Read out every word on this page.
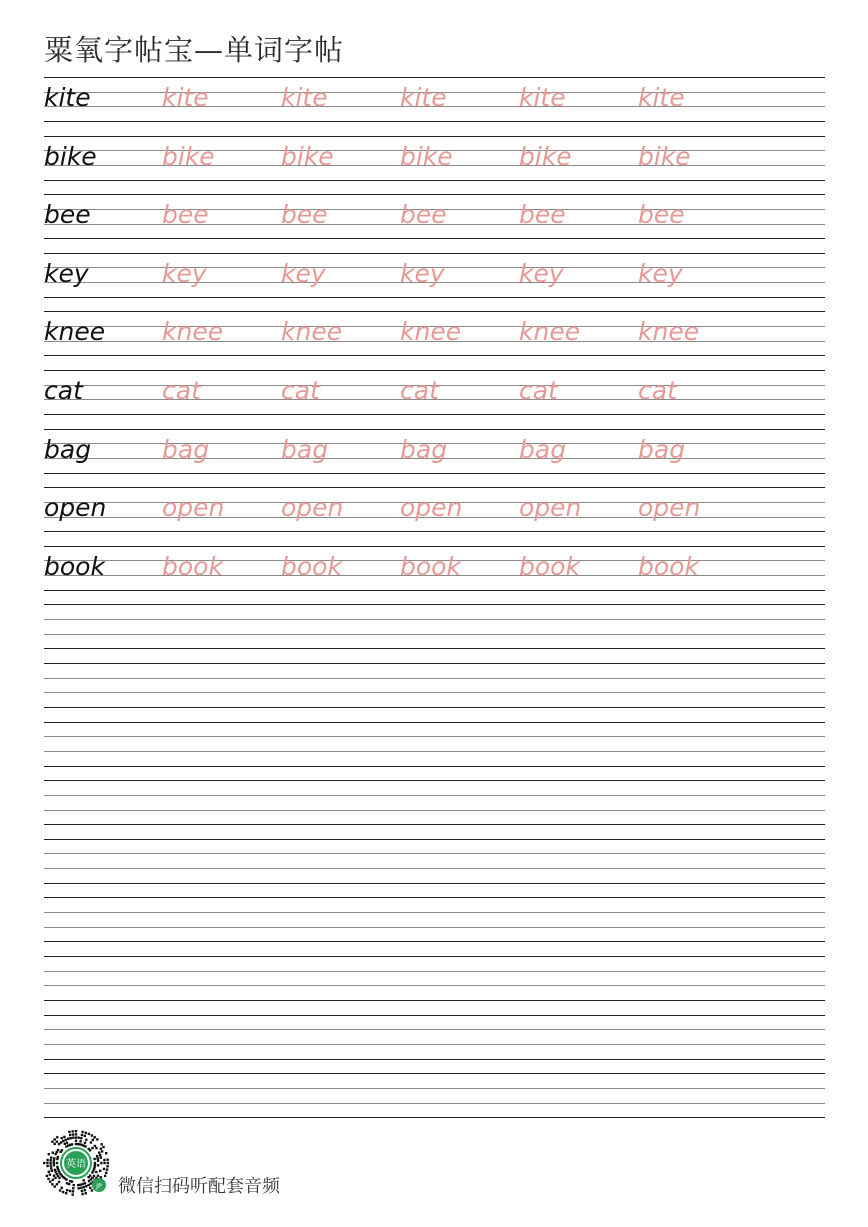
粟氧字帖宝—单词字帖
kite	kite	kite	kite	kite	kite
bike	bike	bike	bike	bike	bike
bee	bee	bee	bee	bee	bee
key	key	key	key	key	key
knee knee knee knee knee knee
cat	cat	cat	cat	cat	cat
bag	bag	bag	bag	bag	bag
open open open open open open
book book book book book book
英语
JP 微信扫码听配套音频
